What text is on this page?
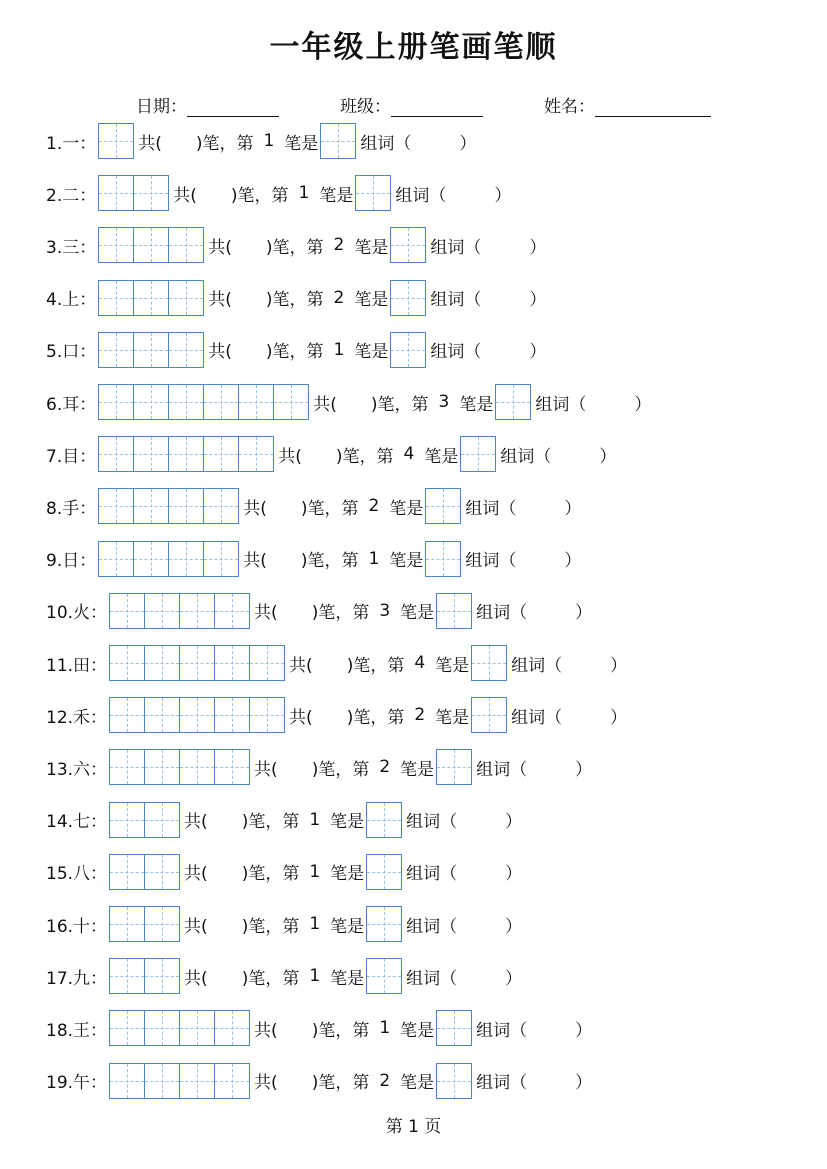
一年级上册笔画笔顺
日期：	班级：	姓名：
1.一： 共( )笔，第 1 笔是 组词（	）
2.二：	共( )笔，第 1 笔是 组词（	）
3.三：	共( )笔，第 2 笔是 组词（	）
4.上：	共( )笔，第 2 笔是 组词（	）
5.口：	共( )笔，第 1 笔是 组词（	）
6.耳：	共( )笔，第 3 笔是 组词（	）
7.目：	共( )笔，第 4 笔是 组词（	）
8.手：	共( )笔，第 2 笔是 组词（	）
9.日：	共( )笔，第 1 笔是 组词（	）
10.火：	共( )笔，第 3 笔是 组词（	）
11.田：	共( )笔，第 4 笔是 组词（	）
12.禾：	共( )笔，第 2 笔是 组词（	）
13.六：	共( )笔，第 2 笔是 组词（	）
14.七：	共( )笔，第 1 笔是 组词（	）
15.八：	共( )笔，第 1 笔是 组词（	）
16.十：	共( )笔，第 1 笔是 组词（	）
17.九：	共( )笔，第 1 笔是 组词（	）
18.王：	共( )笔，第 1 笔是 组词（	）
19.午：	共( )笔，第 2 笔是 组词（	）
第 1 页
